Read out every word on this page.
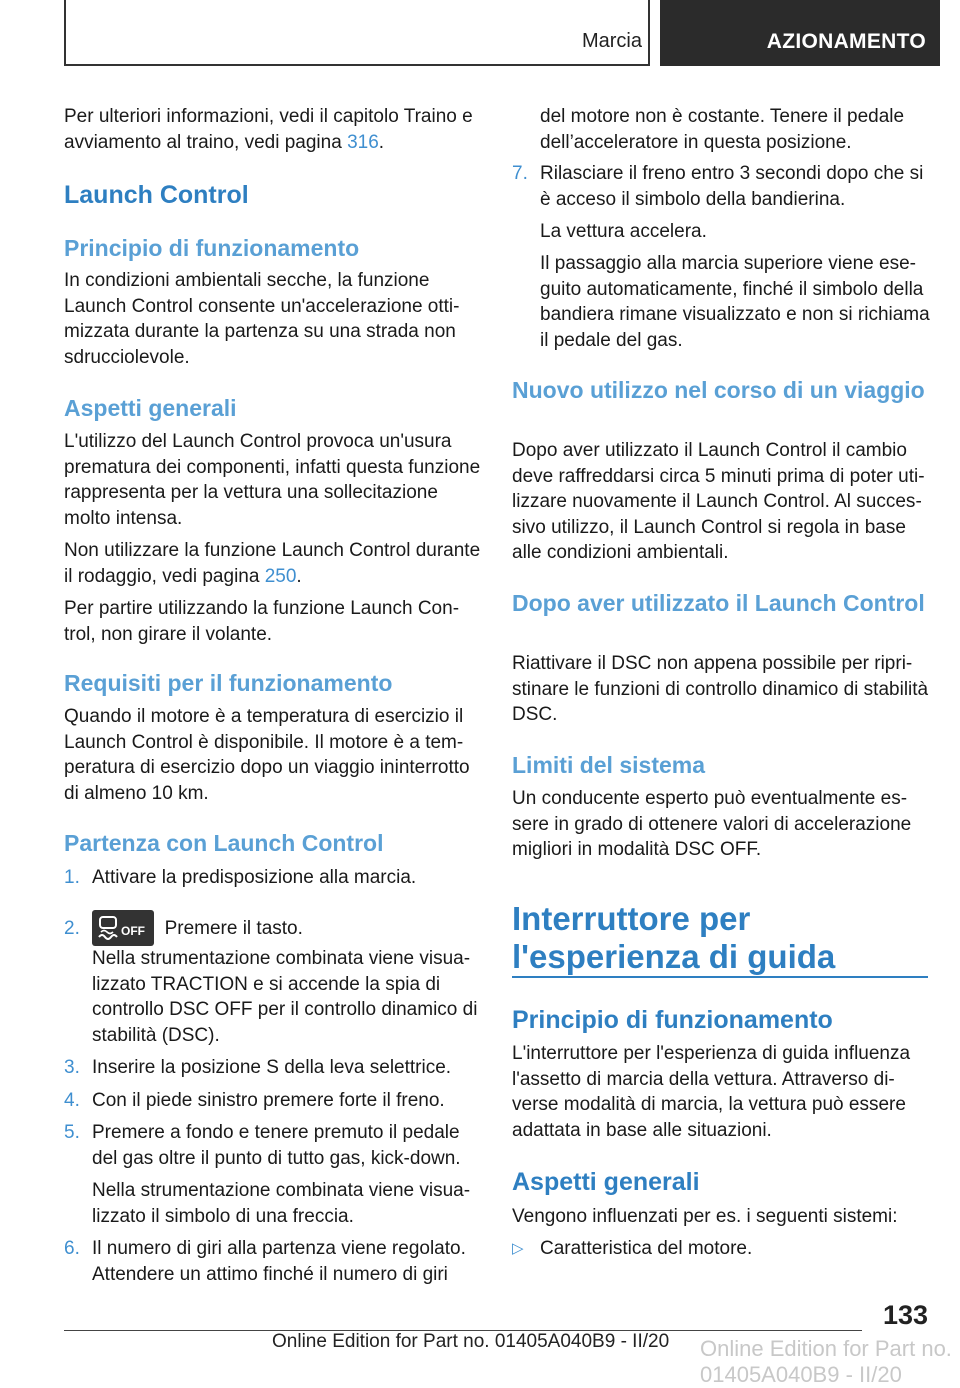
Marcia	AZIONAMENTO

Per ulteriori informazioni, vedi il capitolo Traino e avviamento al traino, vedi pagina 316.

Launch Control
Principio di funzionamento

In condizioni ambientali secche, la funzione Launch Control consente un'accelerazione ottimizzata durante la partenza su una strada non sdrucciolevole.

Aspetti generali

L'utilizzo del Launch Control provoca un'usura prematura dei componenti, infatti questa funzione rappresenta per la vettura una sollecitazione molto intensa.

Non utilizzare la funzione Launch Control durante il rodaggio, vedi pagina 250.

Per partire utilizzando la funzione Launch Control, non girare il volante.

Requisiti per il funzionamento

Quando il motore è a temperatura di esercizio il Launch Control è disponibile. Il motore è a temperatura di esercizio dopo un viaggio ininterrotto di almeno 10 km.

Partenza con Launch Control
1. Attivare la predisposizione alla marcia.

2.	OFF Premere il tasto.

Nella strumentazione combinata viene visualizzato TRACTION e si accende la spia di controllo DSC OFF per il controllo dinamico di stabilità (DSC).

3. Inserire la posizione S della leva selettrice.

4. Con il piede sinistro premere forte il freno.

5. Premere a fondo e tenere premuto il pedale del gas oltre il punto di tutto gas, kick-down.

Nella strumentazione combinata viene visualizzato il simbolo di una freccia.

6. Il numero di giri alla partenza viene regolato. Attendere un attimo finché il numero di giri

del motore non è costante. Tenere il pedale dell’acceleratore in questa posizione.

7. Rilasciare il freno entro 3 secondi dopo che si è acceso il simbolo della bandierina.

La vettura accelera.

Il passaggio alla marcia superiore viene eseguito automaticamente, finché il simbolo della bandiera rimane visualizzato e non si richiama il pedale del gas.

Nuovo utilizzo nel corso di un viaggio

Dopo aver utilizzato il Launch Control il cambio deve raffreddarsi circa 5 minuti prima di poter utilizzare nuovamente il Launch Control. Al successivo utilizzo, il Launch Control si regola in base alle condizioni ambientali.

Dopo aver utilizzato il Launch Control

Riattivare il DSC non appena possibile per ripristinare le funzioni di controllo dinamico di stabilità DSC.

Limiti del sistema

Un conducente esperto può eventualmente essere in grado di ottenere valori di accelerazione migliori in modalità DSC OFF.

Interruttore per l'esperienza di guida
Principio di funzionamento

L'interruttore per l'esperienza di guida influenza l'assetto di marcia della vettura. Attraverso diverse modalità di marcia, la vettura può essere adattata in base alle situazioni.

Aspetti generali

Vengono influenzati per es. i seguenti sistemi:

▷ Caratteristica del motore.

133
Online Edition for Part no. 01405A040B9 - II/20 Online Edition for Part no. 01405A040B9 - II/20
